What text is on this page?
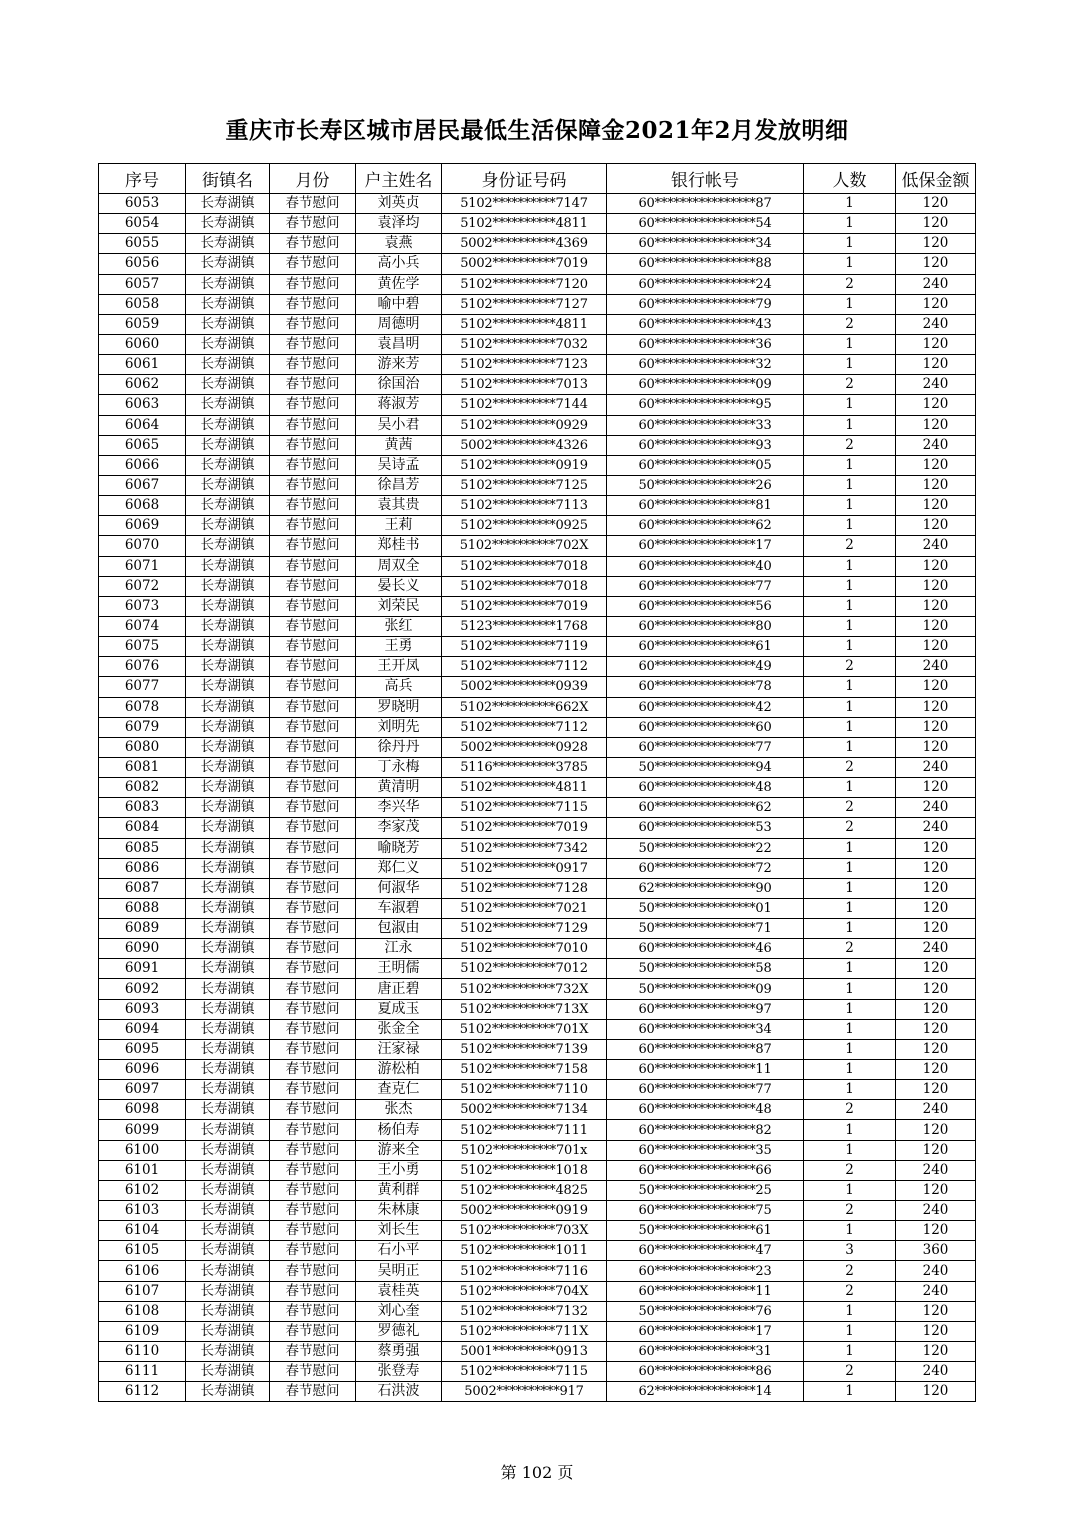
重庆市长寿区城市居民最低生活保障金2021年2月发放明细
序号	街镇名	月份	户主姓名	身份证号码	银行帐号	人数	低保金额
6053	长寿湖镇	春节慰问	刘英贞	5102**********7147	60****************87	1	120
6054	长寿湖镇	春节慰问	袁泽均	5102**********4811	60****************54	1	120
6055	长寿湖镇	春节慰问	袁燕	5002**********4369	60****************34	1	120
6056	长寿湖镇	春节慰问	高小兵	5002**********7019	60****************88	1	120
6057	长寿湖镇	春节慰问	黄佐学	5102**********7120	60****************24	2	240
6058	长寿湖镇	春节慰问	喻中碧	5102**********7127	60****************79	1	120
6059	长寿湖镇	春节慰问	周德明	5102**********4811	60****************43	2	240
6060	长寿湖镇	春节慰问	袁昌明	5102**********7032	60****************36	1	120
6061	长寿湖镇	春节慰问	游来芳	5102**********7123	60****************32	1	120
6062	长寿湖镇	春节慰问	徐国治	5102**********7013	60****************09	2	240
6063	长寿湖镇	春节慰问	蒋淑芳	5102**********7144	60****************95	1	120
6064	长寿湖镇	春节慰问	吴小君	5102**********0929	60****************33	1	120
6065	长寿湖镇	春节慰问	黄茜	5002**********4326	60****************93	2	240
6066	长寿湖镇	春节慰问	吴诗孟	5102**********0919	60****************05	1	120
6067	长寿湖镇	春节慰问	徐昌芳	5102**********7125	50****************26	1	120
6068	长寿湖镇	春节慰问	袁其贵	5102**********7113	60****************81	1	120
6069	长寿湖镇	春节慰问	王莉	5102**********0925	60****************62	1	120
6070	长寿湖镇	春节慰问	郑桂书	5102**********702X	60****************17	2	240
6071	长寿湖镇	春节慰问	周双全	5102**********7018	60****************40	1	120
6072	长寿湖镇	春节慰问	晏长义	5102**********7018	60****************77	1	120
6073	长寿湖镇	春节慰问	刘荣民	5102**********7019	60****************56	1	120
6074	长寿湖镇	春节慰问	张红	5123**********1768	60****************80	1	120
6075	长寿湖镇	春节慰问	王勇	5102**********7119	60****************61	1	120
6076	长寿湖镇	春节慰问	王开凤	5102**********7112	60****************49	2	240
6077	长寿湖镇	春节慰问	高兵	5002**********0939	60****************78	1	120
6078	长寿湖镇	春节慰问	罗晓明	5102**********662X	60****************42	1	120
6079	长寿湖镇	春节慰问	刘明先	5102**********7112	60****************60	1	120
6080	长寿湖镇	春节慰问	徐丹丹	5002**********0928	60****************77	1	120
6081	长寿湖镇	春节慰问	丁永梅	5116**********3785	50****************94	2	240
6082	长寿湖镇	春节慰问	黄清明	5102**********4811	60****************48	1	120
6083	长寿湖镇	春节慰问	李兴华	5102**********7115	60****************62	2	240
6084	长寿湖镇	春节慰问	李家茂	5102**********7019	60****************53	2	240
6085	长寿湖镇	春节慰问	喻晓芳	5102**********7342	50****************22	1	120
6086	长寿湖镇	春节慰问	郑仁义	5102**********0917	60****************72	1	120
6087	长寿湖镇	春节慰问	何淑华	5102**********7128	62****************90	1	120
6088	长寿湖镇	春节慰问	车淑碧	5102**********7021	50****************01	1	120
6089	长寿湖镇	春节慰问	包淑由	5102**********7129	50****************71	1	120
6090	长寿湖镇	春节慰问	江永	5102**********7010	60****************46	2	240
6091	长寿湖镇	春节慰问	王明儒	5102**********7012	50****************58	1	120
6092	长寿湖镇	春节慰问	唐正碧	5102**********732X	50****************09	1	120
6093	长寿湖镇	春节慰问	夏成玉	5102**********713X	60****************97	1	120
6094	长寿湖镇	春节慰问	张金全	5102**********701X	60****************34	1	120
6095	长寿湖镇	春节慰问	汪家禄	5102**********7139	60****************87	1	120
6096	长寿湖镇	春节慰问	游松柏	5102**********7158	60****************11	1	120
6097	长寿湖镇	春节慰问	查克仁	5102**********7110	60****************77	1	120
6098	长寿湖镇	春节慰问	张杰	5002**********7134	60****************48	2	240
6099	长寿湖镇	春节慰问	杨伯寿	5102**********7111	60****************82	1	120
6100	长寿湖镇	春节慰问	游来全	5102**********701x	60****************35	1	120
6101	长寿湖镇	春节慰问	王小勇	5102**********1018	60****************66	2	240
6102	长寿湖镇	春节慰问	黄利群	5102**********4825	50****************25	1	120
6103	长寿湖镇	春节慰问	朱林康	5002**********0919	60****************75	2	240
6104	长寿湖镇	春节慰问	刘长生	5102**********703X	50****************61	1	120
6105	长寿湖镇	春节慰问	石小平	5102**********1011	60****************47	3	360
6106	长寿湖镇	春节慰问	吴明正	5102**********7116	60****************23	2	240
6107	长寿湖镇	春节慰问	袁桂英	5102**********704X	60****************11	2	240
6108	长寿湖镇	春节慰问	刘心奎	5102**********7132	50****************76	1	120
6109	长寿湖镇	春节慰问	罗德礼	5102**********711X	60****************17	1	120
6110	长寿湖镇	春节慰问	蔡勇强	5001**********0913	60****************31	1	120
6111	长寿湖镇	春节慰问	张登寿	5102**********7115	60****************86	2	240
6112	长寿湖镇	春节慰问	石洪波	5002**********917	62****************14	1	120
第 102 页
